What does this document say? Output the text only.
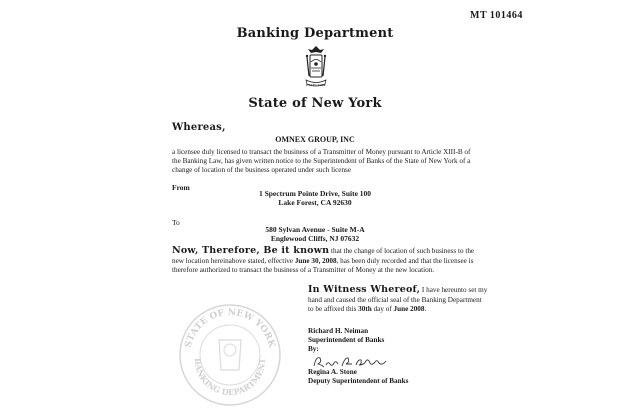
MT 101464
Banking Department
EXCELSIOR
State of New York
Whereas,
OMNEX GROUP, INC
a licensee duly licensed to transact the business of a Transmitter of Money pursuant to Article XIII-B of the Banking Law, has given written notice to the Superintendent of Banks of the State of New York of a change of location of the business operated under such license
From
1 Spectrum Pointe Drive, Suite 100
Lake Forest, CA 92630
To
580 Sylvan Avenue - Suite M-A
Englewood Cliffs, NJ 07632
Now, Therefore, Be it known that the change of location of such business to the new location hereinabove stated, effective June 30, 2008, has been duly recorded and that the licensee is therefore authorized to transact the business of a Transmitter of Money at the new location.
In Witness Whereof, I have hereunto set my hand and caused the official seal of the Banking Department to be affixed this 30th day of June 2008.
Richard H. Neiman
Superintendent of Banks
By:
Regina A. Stone
Deputy Superintendent of Banks
STATE OF NEW YORK
BANKING DEPARTMENT
